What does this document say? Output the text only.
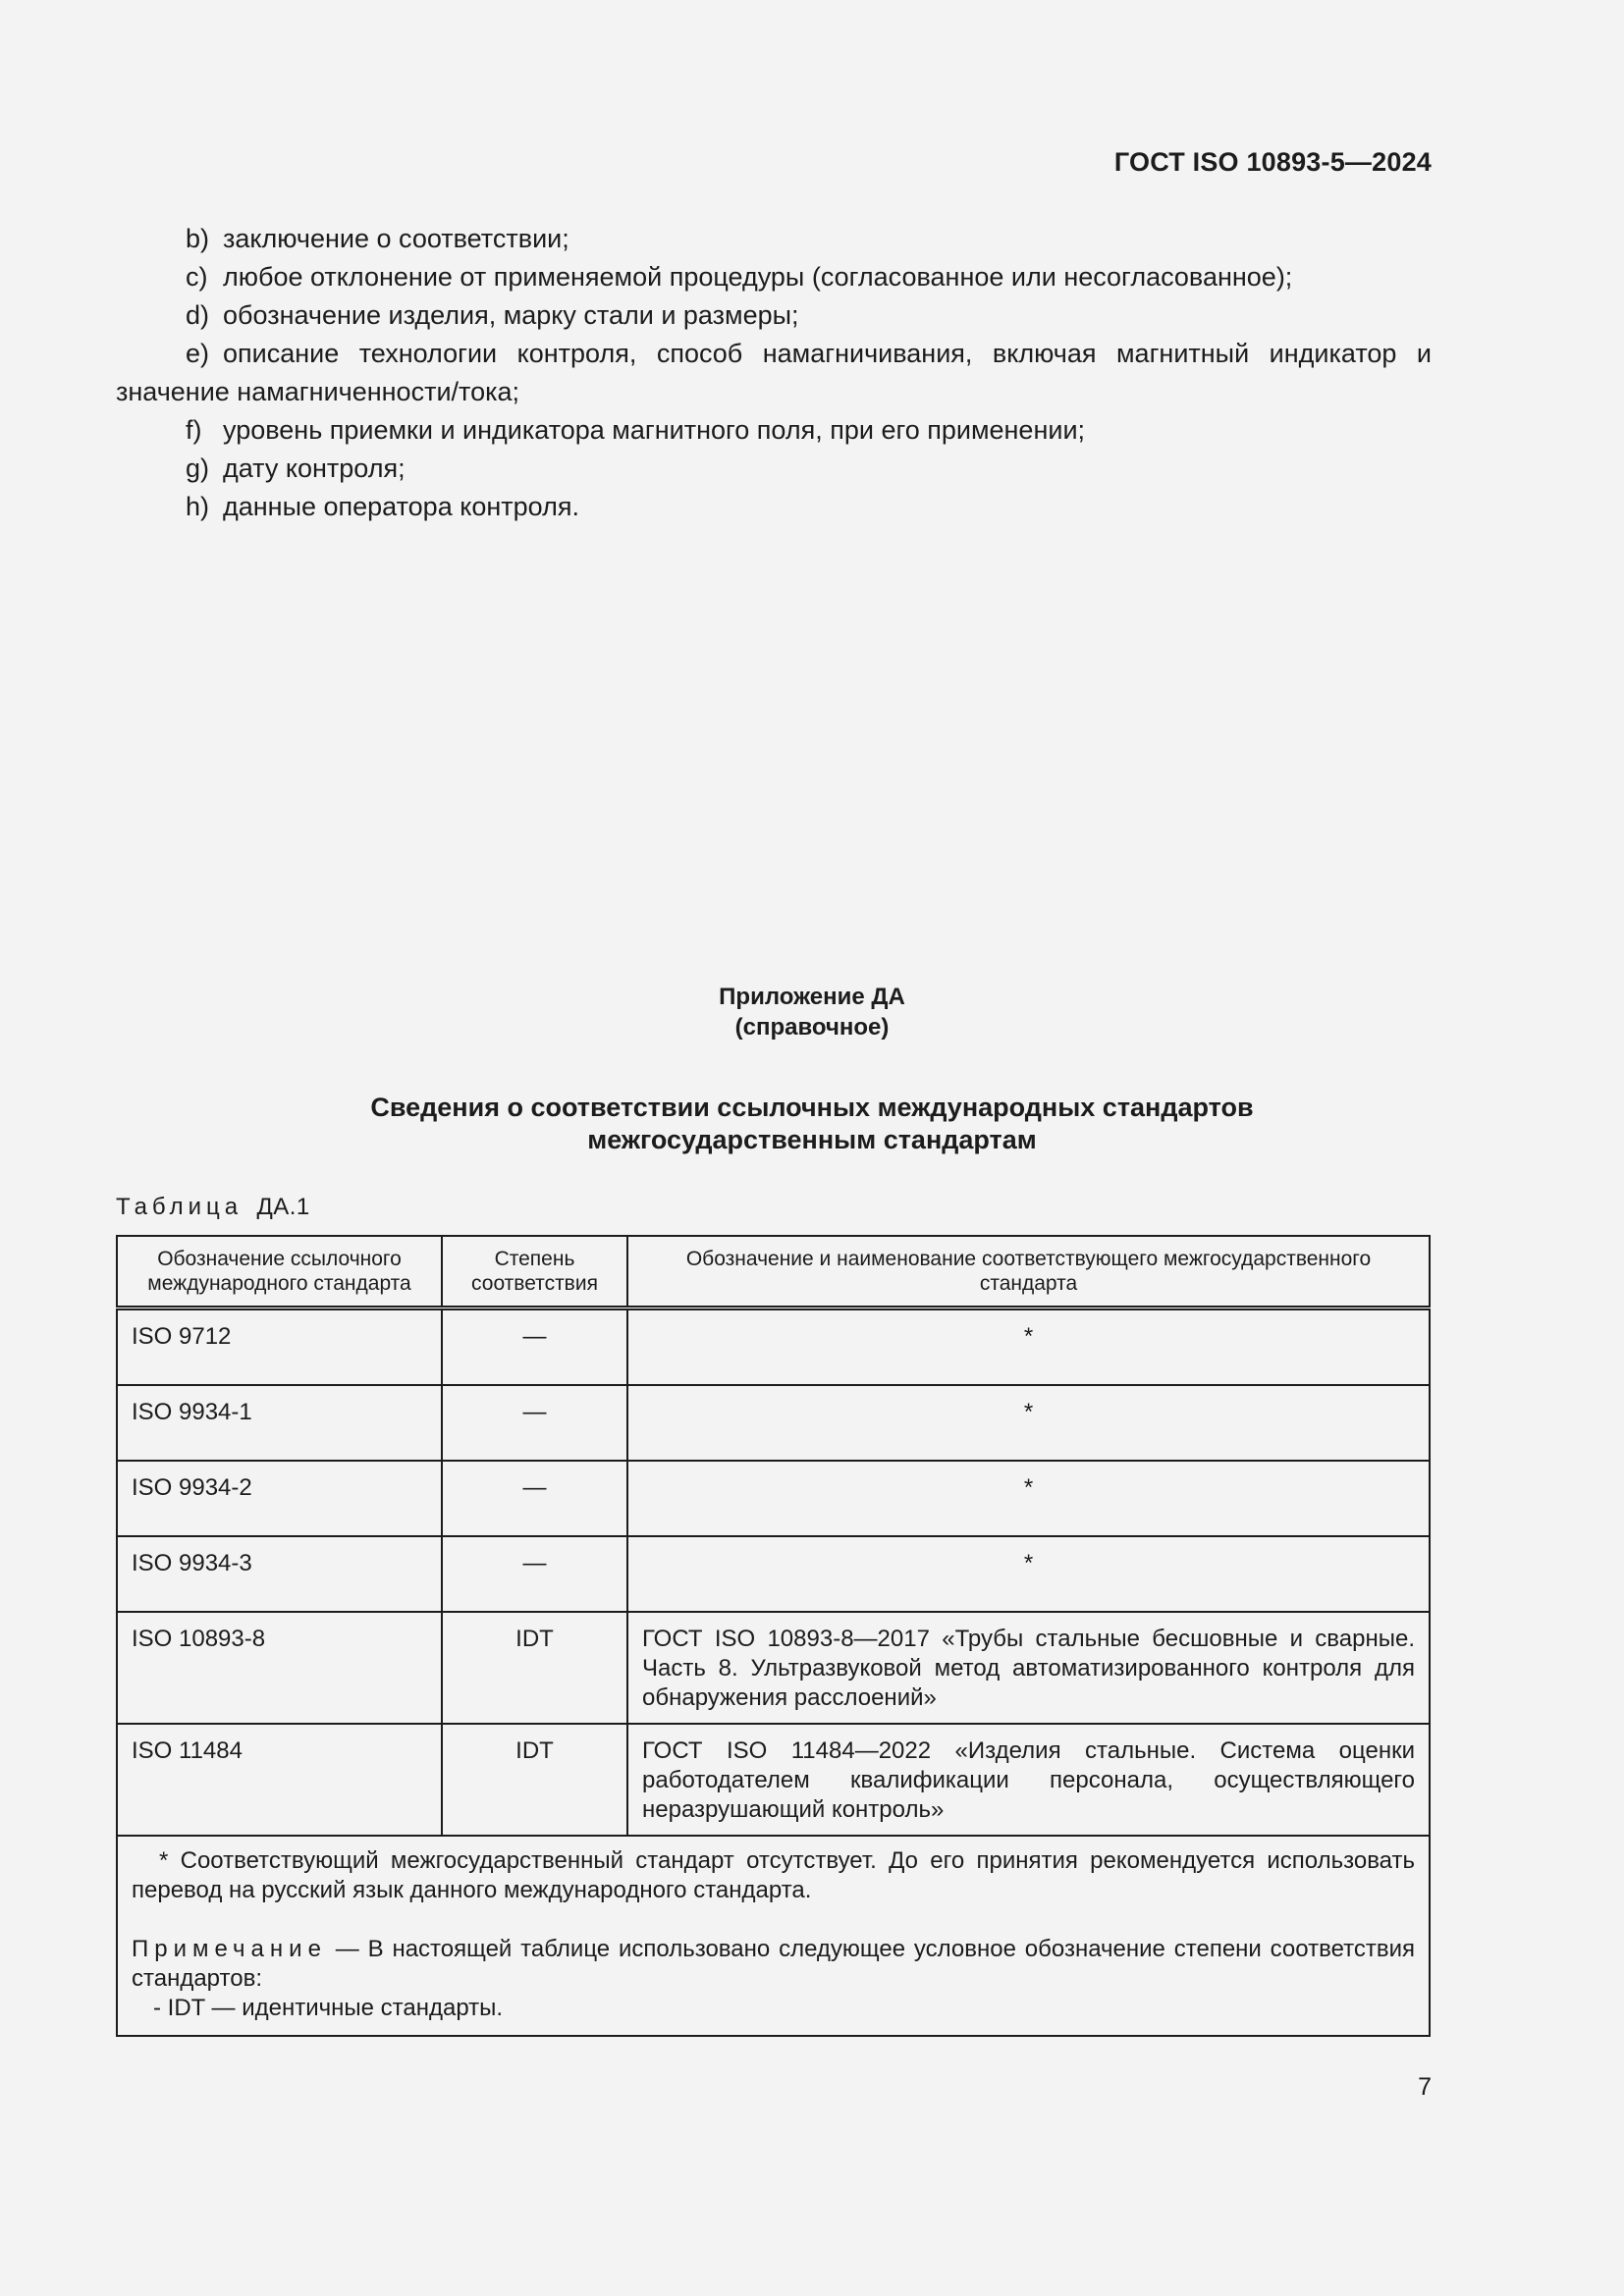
ГОСТ ISO 10893-5—2024

b) заключение о соответствии;

c) любое отклонение от применяемой процедуры (согласованное или несогласованное);

d) обозначение изделия, марку стали и размеры;

e) описание технологии контроля, способ намагничивания, включая магнитный индикатор и значение намагниченности/тока;

f) уровень приемки и индикатора магнитного поля, при его применении;

g) дату контроля;

h) данные оператора контроля.

Приложение ДА
(справочное)
Сведения о соответствии ссылочных международных стандартов
межгосударственным стандартам
Таблица ДА.1
Обозначение ссылочного международного стандарта	Степень соответствия	Обозначение и наименование соответствующего межгосударственного стандарта
ISO 9712	—	*
ISO 9934-1	—	*
ISO 9934-2	—	*
ISO 9934-3	—	*
ISO 10893-8	IDT	ГОСТ ISO 10893-8—2017 «Трубы стальные бесшовные и сварные. Часть 8. Ультразвуковой метод автоматизированного контроля для обнаружения расслоений»
ISO 11484	IDT	ГОСТ ISO 11484—2022 «Изделия стальные. Система оценки работодателем квалификации персонала, осуществляющего неразрушающий контроль»

* Соответствующий межгосударственный стандарт отсутствует. До его принятия рекомендуется использовать перевод на русский язык данного международного стандарта.
Примечание — В настоящей таблице использовано следующее условное обозначение степени соответствия стандартов:
- IDT — идентичные стандарты.		
7
